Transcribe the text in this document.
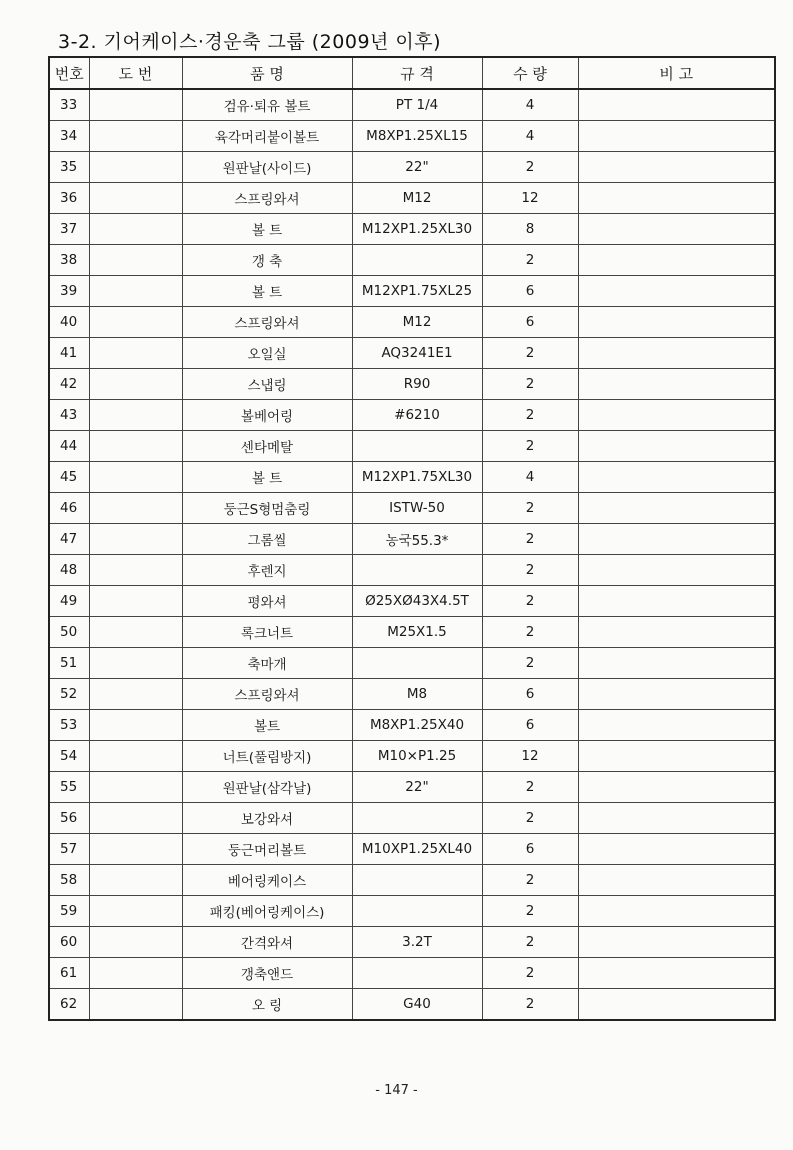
3-2. 기어케이스·경운축 그룹 (2009년 이후)
번호	도 번	품 명	규 격	수 량	비 고
33		검유·퇴유 볼트	PT 1/4	4	
34		육각머리붙이볼트	M8XP1.25XL15	4	
35		원판날(사이드)	22"	2	
36		스프링와셔	M12	12	
37		볼 트	M12XP1.25XL30	8	
38		갱 축		2	
39		볼 트	M12XP1.75XL25	6	
40		스프링와셔	M12	6	
41		오일실	AQ3241E1	2	
42		스냅링	R90	2	
43		볼베어링	#6210	2	
44		센타메탈		2	
45		볼 트	M12XP1.75XL30	4	
46		둥근S형멈춤링	ISTW-50	2	
47		그롬씰	농국55.3*	2	
48		후렌지		2	
49		평와셔	Ø25XØ43X4.5T	2	
50		록크너트	M25X1.5	2	
51		축마개		2	
52		스프링와셔	M8	6	
53		볼트	M8XP1.25X40	6	
54		너트(풀림방지)	M10×P1.25	12	
55		원판날(삼각날)	22"	2	
56		보강와셔		2	
57		둥근머리볼트	M10XP1.25XL40	6	
58		베어링케이스		2	
59		패킹(베어링케이스)		2	
60		간격와셔	3.2T	2	
61		갱축앤드		2	
62		오 링	G40	2	
- 147 -
